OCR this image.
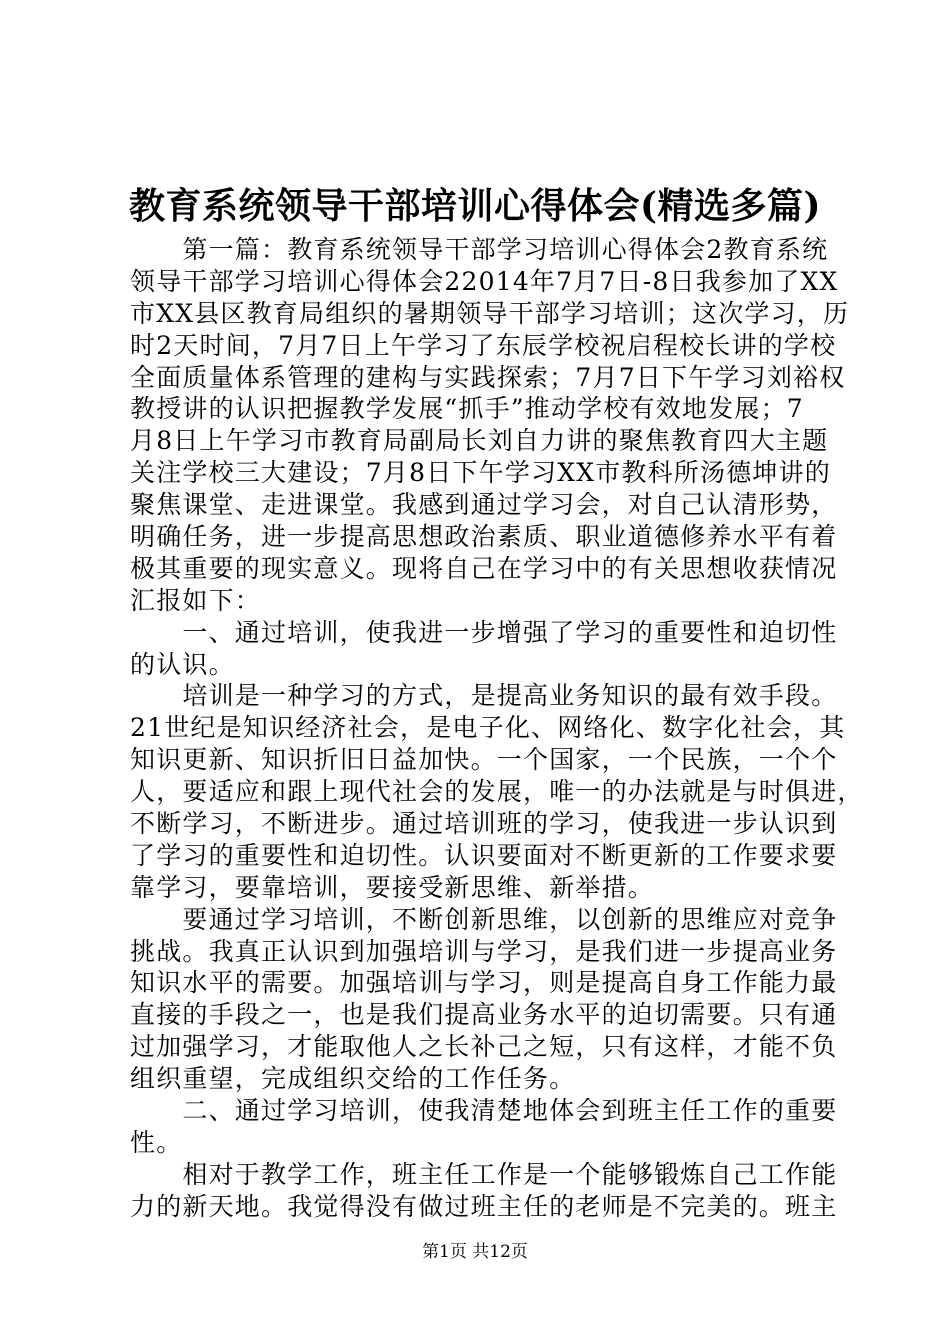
教育系统领导干部培训心得体会(精选多篇)
　　第一篇：教育系统领导干部学习培训心得体会2教育系统
领导干部学习培训心得体会22014年7月7日-8日我参加了XX
市XX县区教育局组织的暑期领导干部学习培训；这次学习，历
时2天时间，7月7日上午学习了东辰学校祝启程校长讲的学校
全面质量体系管理的建构与实践探索；7月7日下午学习刘裕权
教授讲的认识把握教学发展“抓手”推动学校有效地发展；7
月8日上午学习市教育局副局长刘自力讲的聚焦教育四大主题
关注学校三大建设；7月8日下午学习XX市教科所汤德坤讲的
聚焦课堂、走进课堂。我感到通过学习会，对自己认清形势，
明确任务，进一步提高思想政治素质、职业道德修养水平有着
极其重要的现实意义。现将自己在学习中的有关思想收获情况
汇报如下：
　　一、通过培训，使我进一步增强了学习的重要性和迫切性
的认识。
　　培训是一种学习的方式，是提高业务知识的最有效手段。
21世纪是知识经济社会，是电子化、网络化、数字化社会，其
知识更新、知识折旧日益加快。一个国家，一个民族，一个个
人，要适应和跟上现代社会的发展，唯一的办法就是与时俱进，
不断学习，不断进步。通过培训班的学习，使我进一步认识到
了学习的重要性和迫切性。认识要面对不断更新的工作要求要
靠学习，要靠培训，要接受新思维、新举措。
　　要通过学习培训，不断创新思维，以创新的思维应对竞争
挑战。我真正认识到加强培训与学习，是我们进一步提高业务
知识水平的需要。加强培训与学习，则是提高自身工作能力最
直接的手段之一，也是我们提高业务水平的迫切需要。只有通
过加强学习，才能取他人之长补己之短，只有这样，才能不负
组织重望，完成组织交给的工作任务。
　　二、通过学习培训，使我清楚地体会到班主任工作的重要
性。
　　相对于教学工作，班主任工作是一个能够锻炼自己工作能
力的新天地。我觉得没有做过班主任的老师是不完美的。班主
第1页 共12页
